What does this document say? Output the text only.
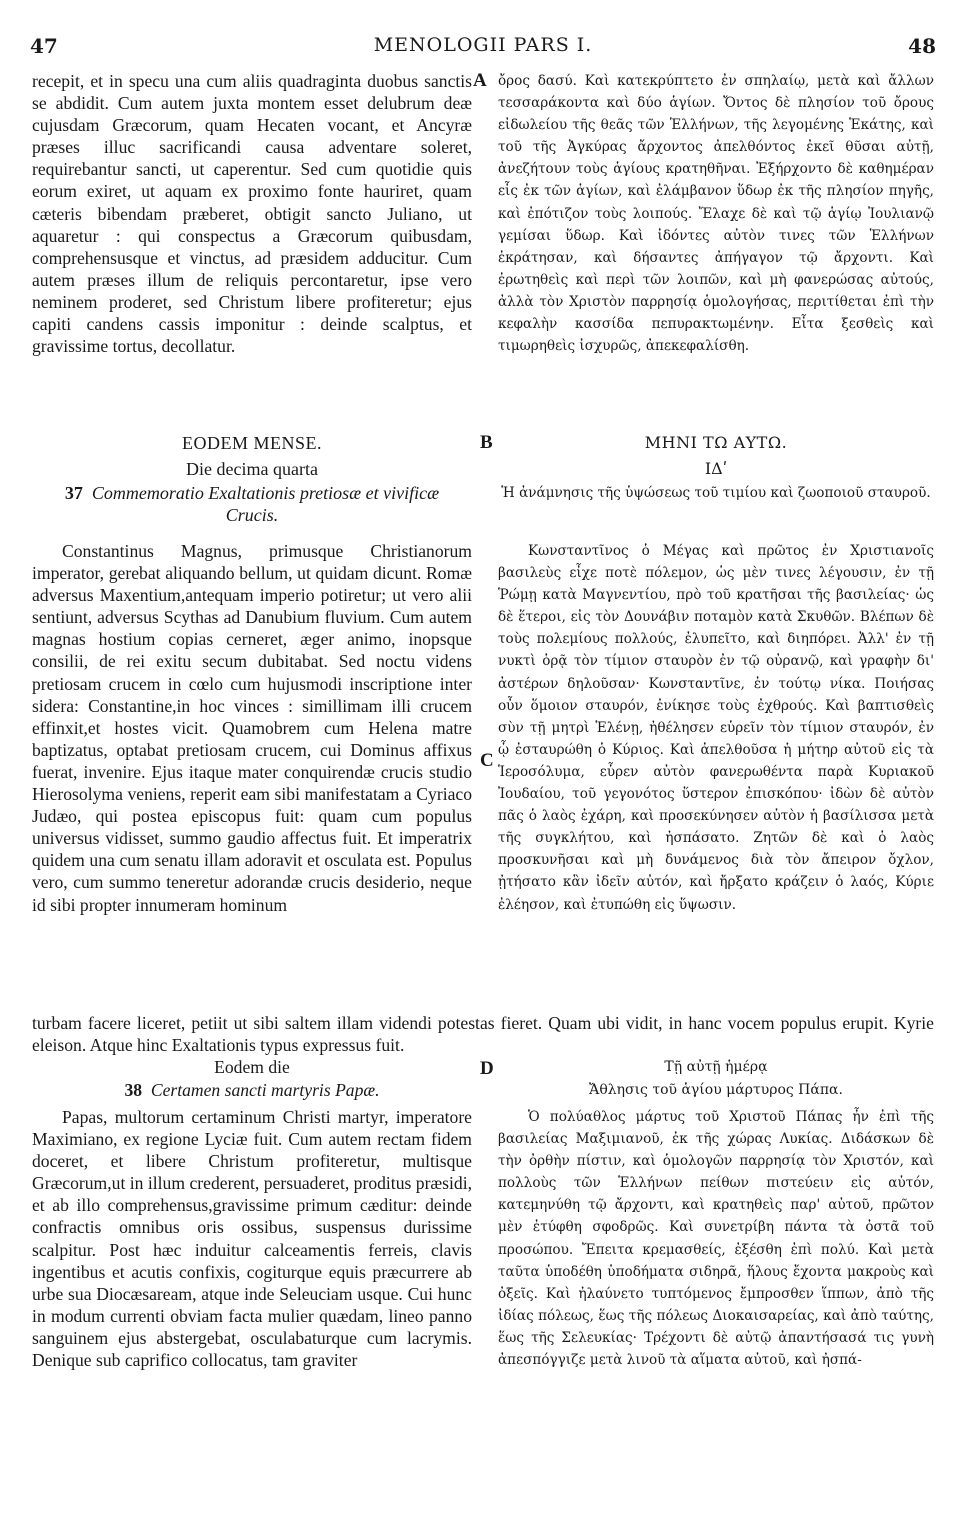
47	MENOLOGII PARS I.	48
A
B
C
D

recepit, et in specu una cum aliis quadraginta duobus sanctis se abdidit. Cum autem juxta montem esset delubrum deæ cujusdam Græcorum, quam Hecaten vocant, et Ancyræ præses illuc sacrificandi causa adventare soleret, requirebantur sancti, ut caperentur. Sed cum quotidie quis eorum exiret, ut aquam ex proximo fonte hauriret, quam cæteris bibendam præberet, obtigit sancto Juliano, ut aquaretur : qui conspectus a Græcorum quibusdam, comprehensusque et vinctus, ad præsidem adducitur. Cum autem præses illum de reliquis percontaretur, ipse vero neminem proderet, sed Christum libere profiteretur; ejus capiti candens cassis imponitur : deinde scalptus, et gravissime tortus, decollatur.

ὄρος δασύ. Καὶ κατεκρύπτετο ἐν σπηλαίῳ, μετὰ καὶ ἄλλων τεσσαράκοντα καὶ δύο ἁγίων. Ὄντος δὲ πλησίον τοῦ ὄρους εἰδωλείου τῆς θεᾶς τῶν Ἑλλήνων, τῆς λεγομένης Ἑκάτης, καὶ τοῦ τῆς Ἀγκύρας ἄρχοντος ἀπελθόντος ἐκεῖ θῦσαι αὐτῇ, ἀνεζήτουν τοὺς ἁγίους κρατηθῆναι. Ἐξήρχοντο δὲ καθημέραν εἷς ἐκ τῶν ἁγίων, καὶ ἐλάμβανον ὕδωρ ἐκ τῆς πλησίον πηγῆς, καὶ ἐπότιζον τοὺς λοιπούς. Ἔλαχε δὲ καὶ τῷ ἁγίῳ Ἰουλιανῷ γεμίσαι ὕδωρ. Καὶ ἰδόντες αὐτὸν τινες τῶν Ἑλλήνων ἐκράτησαν, καὶ δήσαντες ἀπήγαγον τῷ ἄρχοντι. Καὶ ἐρωτηθεὶς καὶ περὶ τῶν λοιπῶν, καὶ μὴ φανερώσας αὐτούς, ἀλλὰ τὸν Χριστὸν παρρησίᾳ ὁμολογήσας, περιτίθεται ἐπὶ τὴν κεφαλὴν κασσίδα πεπυρακτωμένην. Εἶτα ξεσθεὶς καὶ τιμωρηθεὶς ἰσχυρῶς, ἀπεκεφαλίσθη.

EODEM MENSE.

Die decima quarta

37 Commemoratio Exaltationis pretiosæ et vivificæ Crucis.

ΜΗΝΙ ΤΩ ΑΥΤΩ.

ΙΔʹ

Ἡ ἀνάμνησις τῆς ὑψώσεως τοῦ τιμίου καὶ ζωοποιοῦ σταυροῦ.

Constantinus Magnus, primusque Christianorum imperator, gerebat aliquando bellum, ut quidam dicunt. Romæ adversus Maxentium,antequam imperio potiretur; ut vero alii sentiunt, adversus Scythas ad Danubium fluvium. Cum autem magnas hostium copias cerneret, æger animo, inopsque consilii, de rei exitu secum dubitabat. Sed noctu videns pretiosam crucem in cœlo cum hujusmodi inscriptione inter sidera: Constantine,in hoc vinces : simillimam illi crucem effinxit,et hostes vicit. Quamobrem cum Helena matre baptizatus, optabat pretiosam crucem, cui Dominus affixus fuerat, invenire. Ejus itaque mater conquirendæ crucis studio Hierosolyma veniens, reperit eam sibi manifestatam a Cyriaco Judæo, qui postea episcopus fuit: quam cum populus universus vidisset, summo gaudio affectus fuit. Et imperatrix quidem una cum senatu illam adoravit et osculata est. Populus vero, cum summo teneretur adorandæ crucis desiderio, neque id sibi propter innumeram hominum

Κωνσταντῖνος ὁ Μέγας καὶ πρῶτος ἐν Χριστιανοῖς βασιλεὺς εἶχε ποτὲ πόλεμον, ὡς μὲν τινες λέγουσιν, ἐν τῇ Ῥώμῃ κατὰ Μαγνεντίου, πρὸ τοῦ κρατῆσαι τῆς βασιλείας· ὡς δὲ ἕτεροι, εἰς τὸν Δουνάβιν ποταμὸν κατὰ Σκυθῶν. Βλέπων δὲ τοὺς πολεμίους πολλούς, ἐλυπεῖτο, καὶ διηπόρει. Ἀλλ' ἐν τῇ νυκτὶ ὁρᾷ τὸν τίμιον σταυρὸν ἐν τῷ οὐρανῷ, καὶ γραφὴν δι' ἀστέρων δηλοῦσαν· Κωνσταντῖνε, ἐν τούτῳ νίκα. Ποιήσας οὖν ὅμοιον σταυρόν, ἐνίκησε τοὺς ἐχθρούς. Καὶ βαπτισθεὶς σὺν τῇ μητρὶ Ἑλένῃ, ἠθέλησεν εὑρεῖν τὸν τίμιον σταυρόν, ἐν ᾧ ἐσταυρώθη ὁ Κύριος. Καὶ ἀπελθοῦσα ἡ μήτηρ αὐτοῦ εἰς τὰ Ἱεροσόλυμα, εὗρεν αὐτὸν φανερωθέντα παρὰ Κυριακοῦ Ἰουδαίου, τοῦ γεγονότος ὕστερον ἐπισκόπου· ἰδὼν δὲ αὐτὸν πᾶς ὁ λαὸς ἐχάρη, καὶ προσεκύνησεν αὐτὸν ἡ βασίλισσα μετὰ τῆς συγκλήτου, καὶ ἠσπάσατο. Ζητῶν δὲ καὶ ὁ λαὸς προσκυνῆσαι καὶ μὴ δυνάμενος διὰ τὸν ἄπειρον ὄχλον, ᾐτήσατο κἂν ἰδεῖν αὐτόν, καὶ ἤρξατο κράζειν ὁ λαός, Κύριε ἐλέησον, καὶ ἐτυπώθη εἰς ὕψωσιν.

turbam facere liceret, petiit ut sibi saltem illam videndi potestas fieret. Quam ubi vidit, in hanc vocem populus erupit. Kyrie eleison. Atque hinc Exaltationis typus expressus fuit.

Eodem die

38 Certamen sancti martyris Papæ.

Τῇ αὐτῇ ἡμέρᾳ

Ἄθλησις τοῦ ἁγίου μάρτυρος Πάπα.

Papas, multorum certaminum Christi martyr, imperatore Maximiano, ex regione Lyciæ fuit. Cum autem rectam fidem doceret, et libere Christum profiteretur, multisque Græcorum,ut in illum crederent, persuaderet, proditus præsidi, et ab illo comprehensus,gravissime primum cæditur: deinde confractis omnibus oris ossibus, suspensus durissime scalpitur. Post hæc induitur calceamentis ferreis, clavis ingentibus et acutis confixis, cogiturque equis præcurrere ab urbe sua Diocæsaream, atque inde Seleuciam usque. Cui hunc in modum currenti obviam facta mulier quædam, lineo panno sanguinem ejus abstergebat, osculabaturque cum lacrymis. Denique sub caprifico collocatus, tam graviter

Ὁ πολύαθλος μάρτυς τοῦ Χριστοῦ Πάπας ἦν ἐπὶ τῆς βασιλείας Μαξιμιανοῦ, ἐκ τῆς χώρας Λυκίας. Διδάσκων δὲ τὴν ὀρθὴν πίστιν, καὶ ὁμολογῶν παρρησίᾳ τὸν Χριστόν, καὶ πολλοὺς τῶν Ἑλλήνων πείθων πιστεύειν εἰς αὐτόν, κατεμηνύθη τῷ ἄρχοντι, καὶ κρατηθεὶς παρ' αὐτοῦ, πρῶτον μὲν ἐτύφθη σφοδρῶς. Καὶ συνετρίβη πάντα τὰ ὀστᾶ τοῦ προσώπου. Ἔπειτα κρεμασθείς, ἐξέσθη ἐπὶ πολύ. Καὶ μετὰ ταῦτα ὑποδέθη ὑποδήματα σιδηρᾶ, ἥλους ἔχοντα μακροὺς καὶ ὀξεῖς. Καὶ ἠλαύνετο τυπτόμενος ἔμπροσθεν ἵππων, ἀπὸ τῆς ἰδίας πόλεως, ἕως τῆς πόλεως Διοκαισαρείας, καὶ ἀπὸ ταύτης, ἕως τῆς Σελευκίας· Τρέχοντι δὲ αὐτῷ ἀπαντήσασά τις γυνὴ ἀπεσπόγγιζε μετὰ λινοῦ τὰ αἵματα αὐτοῦ, καὶ ἠσπά-
